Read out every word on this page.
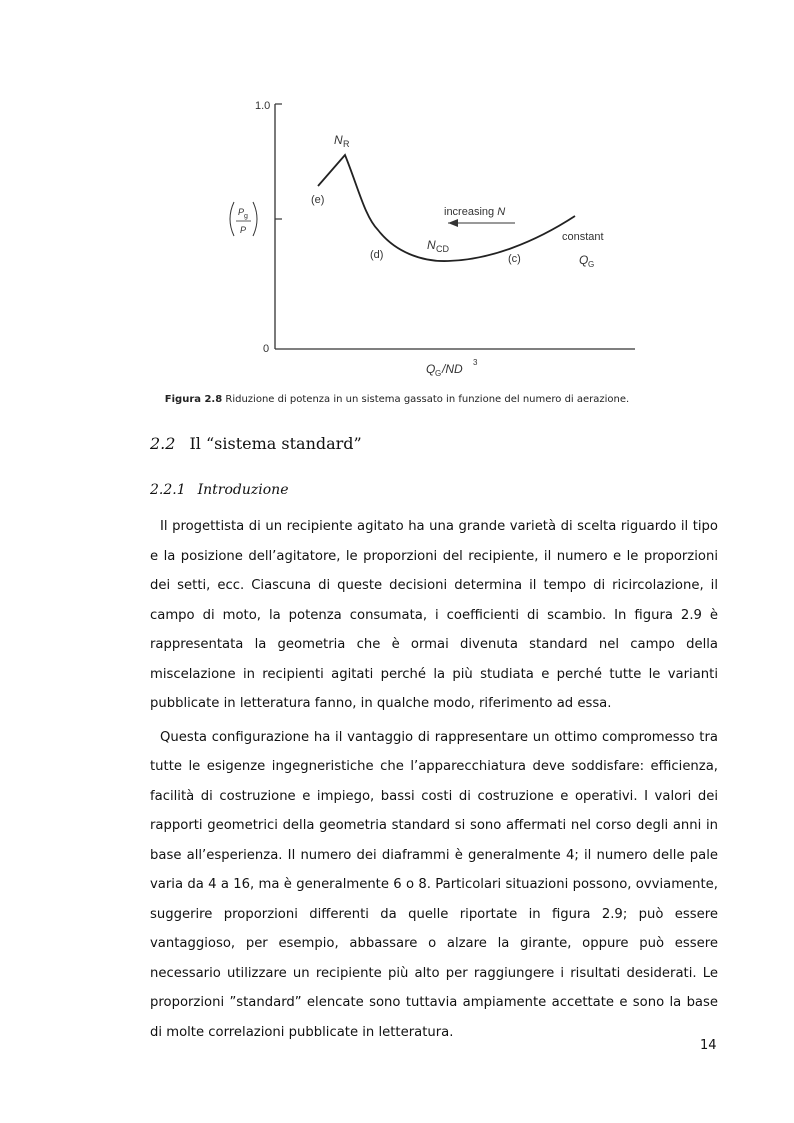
1.0
0
P g
P
N R
(e)
(d)	(c)
N CD
increasing N
constant
Q G
Q G /ND 3
Figura 2.8 Riduzione di potenza in un sistema gassato in funzione del numero di aerazione.
2.2 Il “sistema standard”
2.2.1 Introduzione

Il progettista di un recipiente agitato ha una grande varietà di scelta riguardo il tipo e la posizione dell’agitatore, le proporzioni del recipiente, il numero e le proporzioni dei setti, ecc. Ciascuna di queste decisioni determina il tempo di ricircolazione, il campo di moto, la potenza consumata, i coefficienti di scambio. In figura 2.9 è rappresentata la geometria che è ormai divenuta standard nel campo della miscelazione in recipienti agitati perché la più studiata e perché tutte le varianti pubblicate in letteratura fanno, in qualche modo, riferimento ad essa.

Questa configurazione ha il vantaggio di rappresentare un ottimo compromesso tra tutte le esigenze ingegneristiche che l’apparecchiatura deve soddisfare: efficienza, facilità di costruzione e impiego, bassi costi di costruzione e operativi. I valori dei rapporti geometrici della geometria standard si sono affermati nel corso degli anni in base all’esperienza. Il numero dei diaframmi è generalmente 4; il numero delle pale varia da 4 a 16, ma è generalmente 6 o 8. Particolari situazioni possono, ovviamente, suggerire proporzioni differenti da quelle riportate in figura 2.9; può essere vantaggioso, per esempio, abbassare o alzare la girante, oppure può essere necessario utilizzare un recipiente più alto per raggiungere i risultati desiderati. Le proporzioni ”standard” elencate sono tuttavia ampiamente accettate e sono la base di molte correlazioni pubblicate in letteratura.

14
